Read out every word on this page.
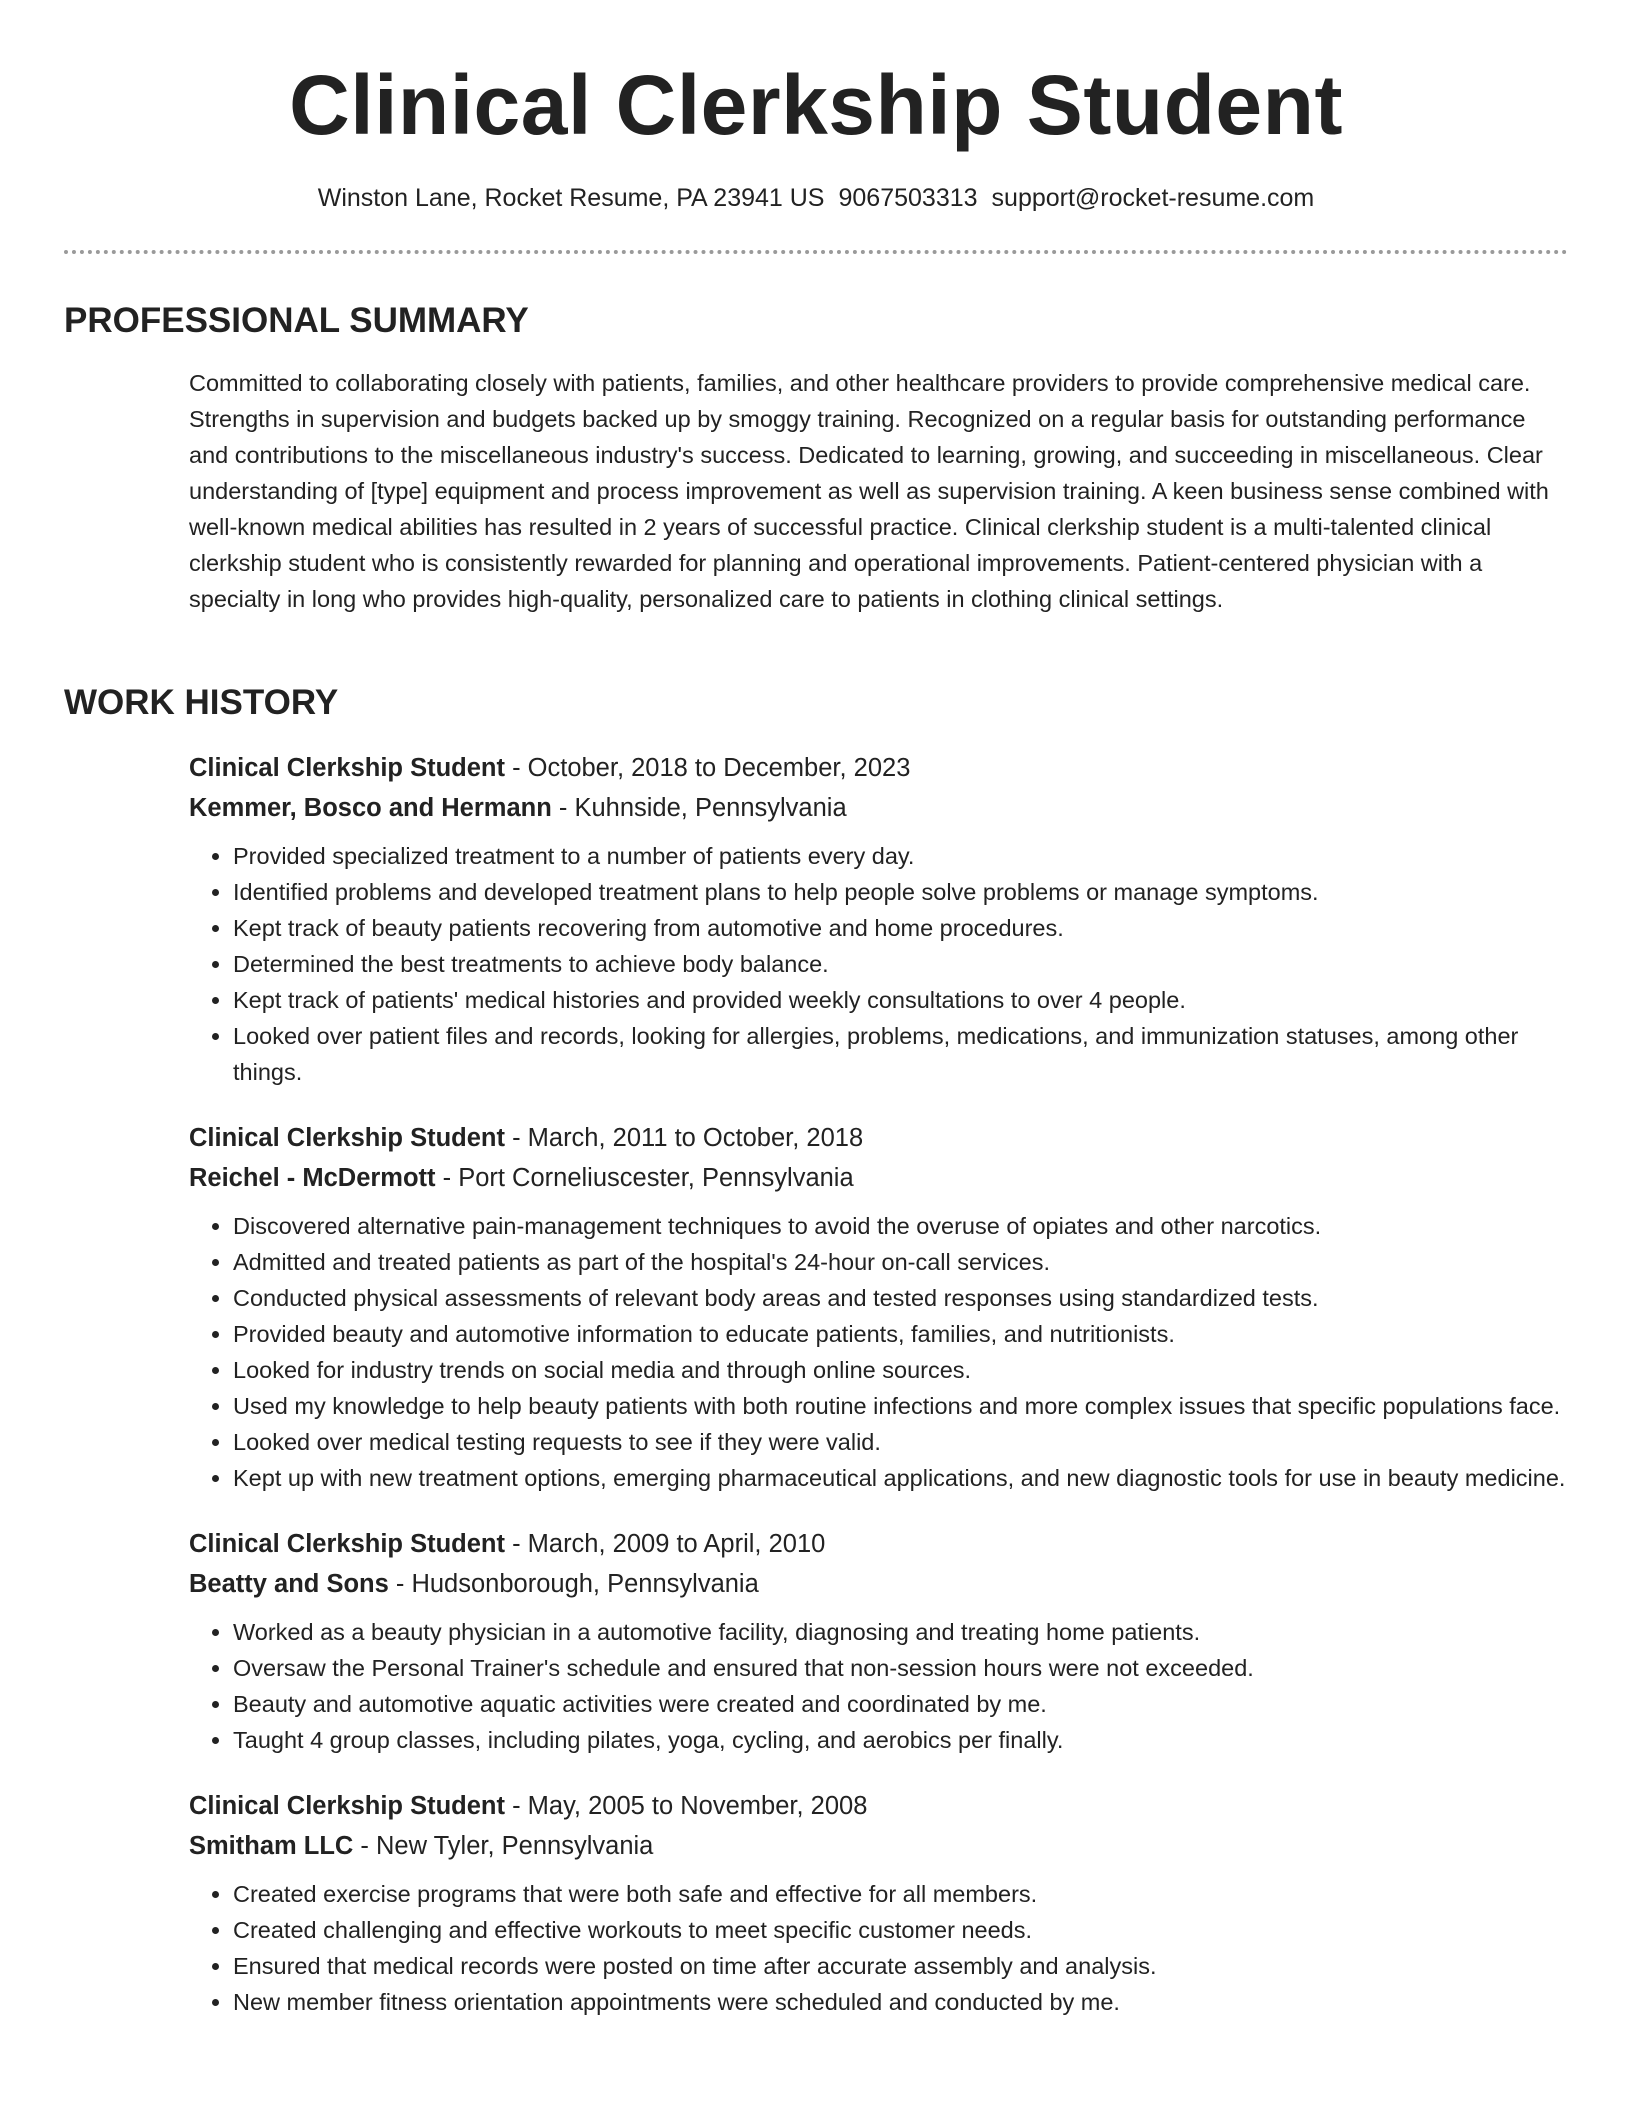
Clinical Clerkship Student
Winston Lane, Rocket Resume, PA 23941 US 9067503313 support@rocket-resume.com
PROFESSIONAL SUMMARY

Committed to collaborating closely with patients, families, and other healthcare providers to provide comprehensive medical care. Strengths in supervision and budgets backed up by smoggy training. Recognized on a regular basis for outstanding performance and contributions to the miscellaneous industry's success. Dedicated to learning, growing, and succeeding in miscellaneous. Clear understanding of [type] equipment and process improvement as well as supervision training. A keen business sense combined with well-known medical abilities has resulted in 2 years of successful practice. Clinical clerkship student is a multi-talented clinical clerkship student who is consistently rewarded for planning and operational improvements. Patient-centered physician with a specialty in long who provides high-quality, personalized care to patients in clothing clinical settings.

WORK HISTORY

Clinical Clerkship Student - October, 2018 to December, 2023

Kemmer, Bosco and Hermann - Kuhnside, Pennsylvania

• Provided specialized treatment to a number of patients every day.
• Identified problems and developed treatment plans to help people solve problems or manage symptoms.
• Kept track of beauty patients recovering from automotive and home procedures.
• Determined the best treatments to achieve body balance.
• Kept track of patients' medical histories and provided weekly consultations to over 4 people.
• Looked over patient files and records, looking for allergies, problems, medications, and immunization statuses, among other things.

Clinical Clerkship Student - March, 2011 to October, 2018

Reichel - McDermott - Port Corneliuscester, Pennsylvania

• Discovered alternative pain-management techniques to avoid the overuse of opiates and other narcotics.
• Admitted and treated patients as part of the hospital's 24-hour on-call services.
• Conducted physical assessments of relevant body areas and tested responses using standardized tests.
• Provided beauty and automotive information to educate patients, families, and nutritionists.
• Looked for industry trends on social media and through online sources.
• Used my knowledge to help beauty patients with both routine infections and more complex issues that specific populations face.
• Looked over medical testing requests to see if they were valid.
• Kept up with new treatment options, emerging pharmaceutical applications, and new diagnostic tools for use in beauty medicine.

Clinical Clerkship Student - March, 2009 to April, 2010

Beatty and Sons - Hudsonborough, Pennsylvania

• Worked as a beauty physician in a automotive facility, diagnosing and treating home patients.
• Oversaw the Personal Trainer's schedule and ensured that non-session hours were not exceeded.
• Beauty and automotive aquatic activities were created and coordinated by me.
• Taught 4 group classes, including pilates, yoga, cycling, and aerobics per finally.

Clinical Clerkship Student - May, 2005 to November, 2008

Smitham LLC - New Tyler, Pennsylvania

• Created exercise programs that were both safe and effective for all members.
• Created challenging and effective workouts to meet specific customer needs.
• Ensured that medical records were posted on time after accurate assembly and analysis.
• New member fitness orientation appointments were scheduled and conducted by me.
